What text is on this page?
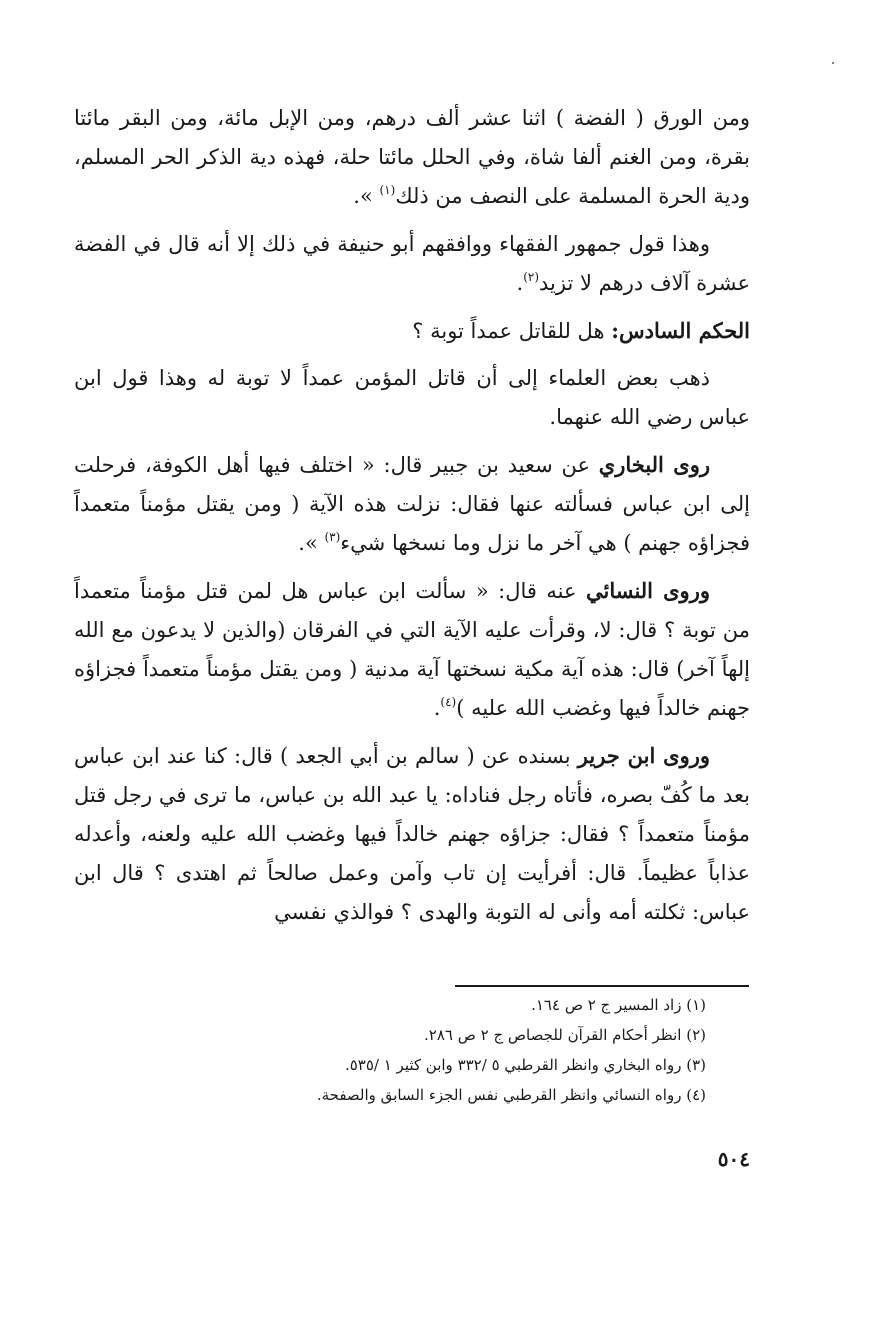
ومن الورق ( الفضة ) اثنا عشر ألف درهم، ومن الإبل مائة، ومن البقر مائتا بقرة، ومن الغنم ألفا شاة، وفي الحلل مائتا حلة، فهذه دية الذكر الحر المسلم، ودية الحرة المسلمة على النصف من ذلك$^{(١)}$ ».

وهذا قول جمهور الفقهاء ووافقهم أبو حنيفة في ذلك إلا أنه قال في الفضة عشرة آلاف درهم لا تزيد$^{(٢)}$.

الحكم السادس: هل للقاتل عمداً توبة ؟

ذهب بعض العلماء إلى أن قاتل المؤمن عمداً لا توبة له وهذا قول ابن عباس رضي الله عنهما.

روى البخاري عن سعيد بن جبير قال: « اختلف فيها أهل الكوفة، فرحلت إلى ابن عباس فسألته عنها فقال: نزلت هذه الآية ( ومن يقتل مؤمناً متعمداً فجزاؤه جهنم ) هي آخر ما نزل وما نسخها شيء$^{(٣)}$ ».

وروى النسائي عنه قال: « سألت ابن عباس هل لمن قتل مؤمناً متعمداً من توبة ؟ قال: لا، وقرأت عليه الآية التي في الفرقان (والذين لا يدعون مع الله إلهاً آخر) قال: هذه آية مكية نسختها آية مدنية ( ومن يقتل مؤمناً متعمداً فجزاؤه جهنم خالداً فيها وغضب الله عليه )$^{(٤)}$.

وروى ابن جرير بسنده عن ( سالم بن أبي الجعد ) قال: كنا عند ابن عباس بعد ما كُفّ بصره، فأتاه رجل فناداه: يا عبد الله بن عباس، ما ترى في رجل قتل مؤمناً متعمداً ؟ فقال: جزاؤه جهنم خالداً فيها وغضب الله عليه ولعنه، وأعدله عذاباً عظيماً. قال: أفرأيت إن تاب وآمن وعمل صالحاً ثم اهتدى ؟ قال ابن عباس: ثكلته أمه وأنى له التوبة والهدى ؟ فوالذي نفسي

(١) زاد المسير ج ٢ ص ١٦٤.

(٢) انظر أحكام القرآن للجصاص ج ٢ ص ٢٨٦.

(٣) رواه البخاري وانظر القرطبي ٥ /٣٣٢ وابن كثير ١ /٥٣٥.

(٤) رواه النسائي وانظر القرطبي نفس الجزء السابق والصفحة.

٥٠٤
